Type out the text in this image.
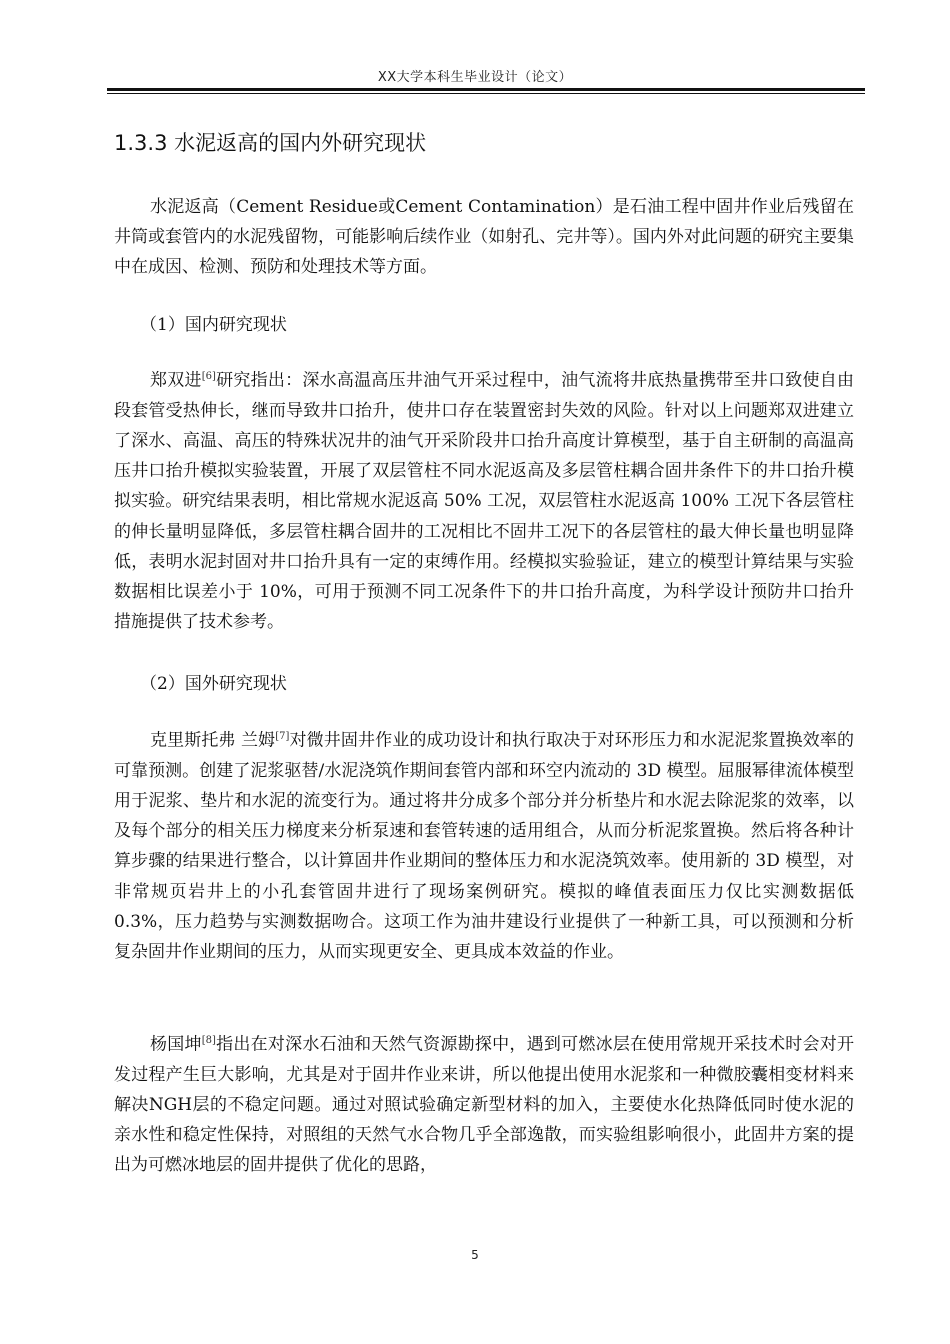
XX大学本科生毕业设计（论文）
1.3.3 水泥返高的国内外研究现状

水泥返高（Cement Residue或Cement Contamination）是石油工程中固井作业后残留在井筒或套管内的水泥残留物，可能影响后续作业（如射孔、完井等）。国内外对此问题的研究主要集中在成因、检测、预防和处理技术等方面。

（1）国内研究现状

郑双进[6]研究指出：深水高温高压井油气开采过程中，油气流将井底热量携带至井口致使自由段套管受热伸长，继而导致井口抬升，使井口存在装置密封失效的风险。针对以上问题郑双进建立了深水、高温、高压的特殊状况井的油气开采阶段井口抬升高度计算模型，基于自主研制的高温高压井口抬升模拟实验装置，开展了双层管柱不同水泥返高及多层管柱耦合固井条件下的井口抬升模拟实验。研究结果表明，相比常规水泥返高 50% 工况，双层管柱水泥返高 100% 工况下各层管柱的伸长量明显降低，多层管柱耦合固井的工况相比不固井工况下的各层管柱的最大伸长量也明显降低，表明水泥封固对井口抬升具有一定的束缚作用。经模拟实验验证，建立的模型计算结果与实验数据相比误差小于 10%，可用于预测不同工况条件下的井口抬升高度，为科学设计预防井口抬升措施提供了技术参考。

（2）国外研究现状

克里斯托弗 兰姆[7]对微井固井作业的成功设计和执行取决于对环形压力和水泥泥浆置换效率的可靠预测。创建了泥浆驱替/水泥浇筑作期间套管内部和环空内流动的 3D 模型。屈服幂律流体模型用于泥浆、垫片和水泥的流变行为。通过将井分成多个部分并分析垫片和水泥去除泥浆的效率，以及每个部分的相关压力梯度来分析泵速和套管转速的适用组合，从而分析泥浆置换。然后将各种计算步骤的结果进行整合，以计算固井作业期间的整体压力和水泥浇筑效率。使用新的 3D 模型，对非常规页岩井上的小孔套管固井进行了现场案例研究。模拟的峰值表面压力仅比实测数据低 0.3%，压力趋势与实测数据吻合。这项工作为油井建设行业提供了一种新工具，可以预测和分析复杂固井作业期间的压力，从而实现更安全、更具成本效益的作业。

杨国坤[8]指出在对深水石油和天然气资源勘探中，遇到可燃冰层在使用常规开采技术时会对开发过程产生巨大影响，尤其是对于固井作业来讲，所以他提出使用水泥浆和一种微胶囊相变材料来解决NGH层的不稳定问题。通过对照试验确定新型材料的加入，主要使水化热降低同时使水泥的亲水性和稳定性保持，对照组的天然气水合物几乎全部逸散，而实验组影响很小，此固井方案的提出为可燃冰地层的固井提供了优化的思路，

5
